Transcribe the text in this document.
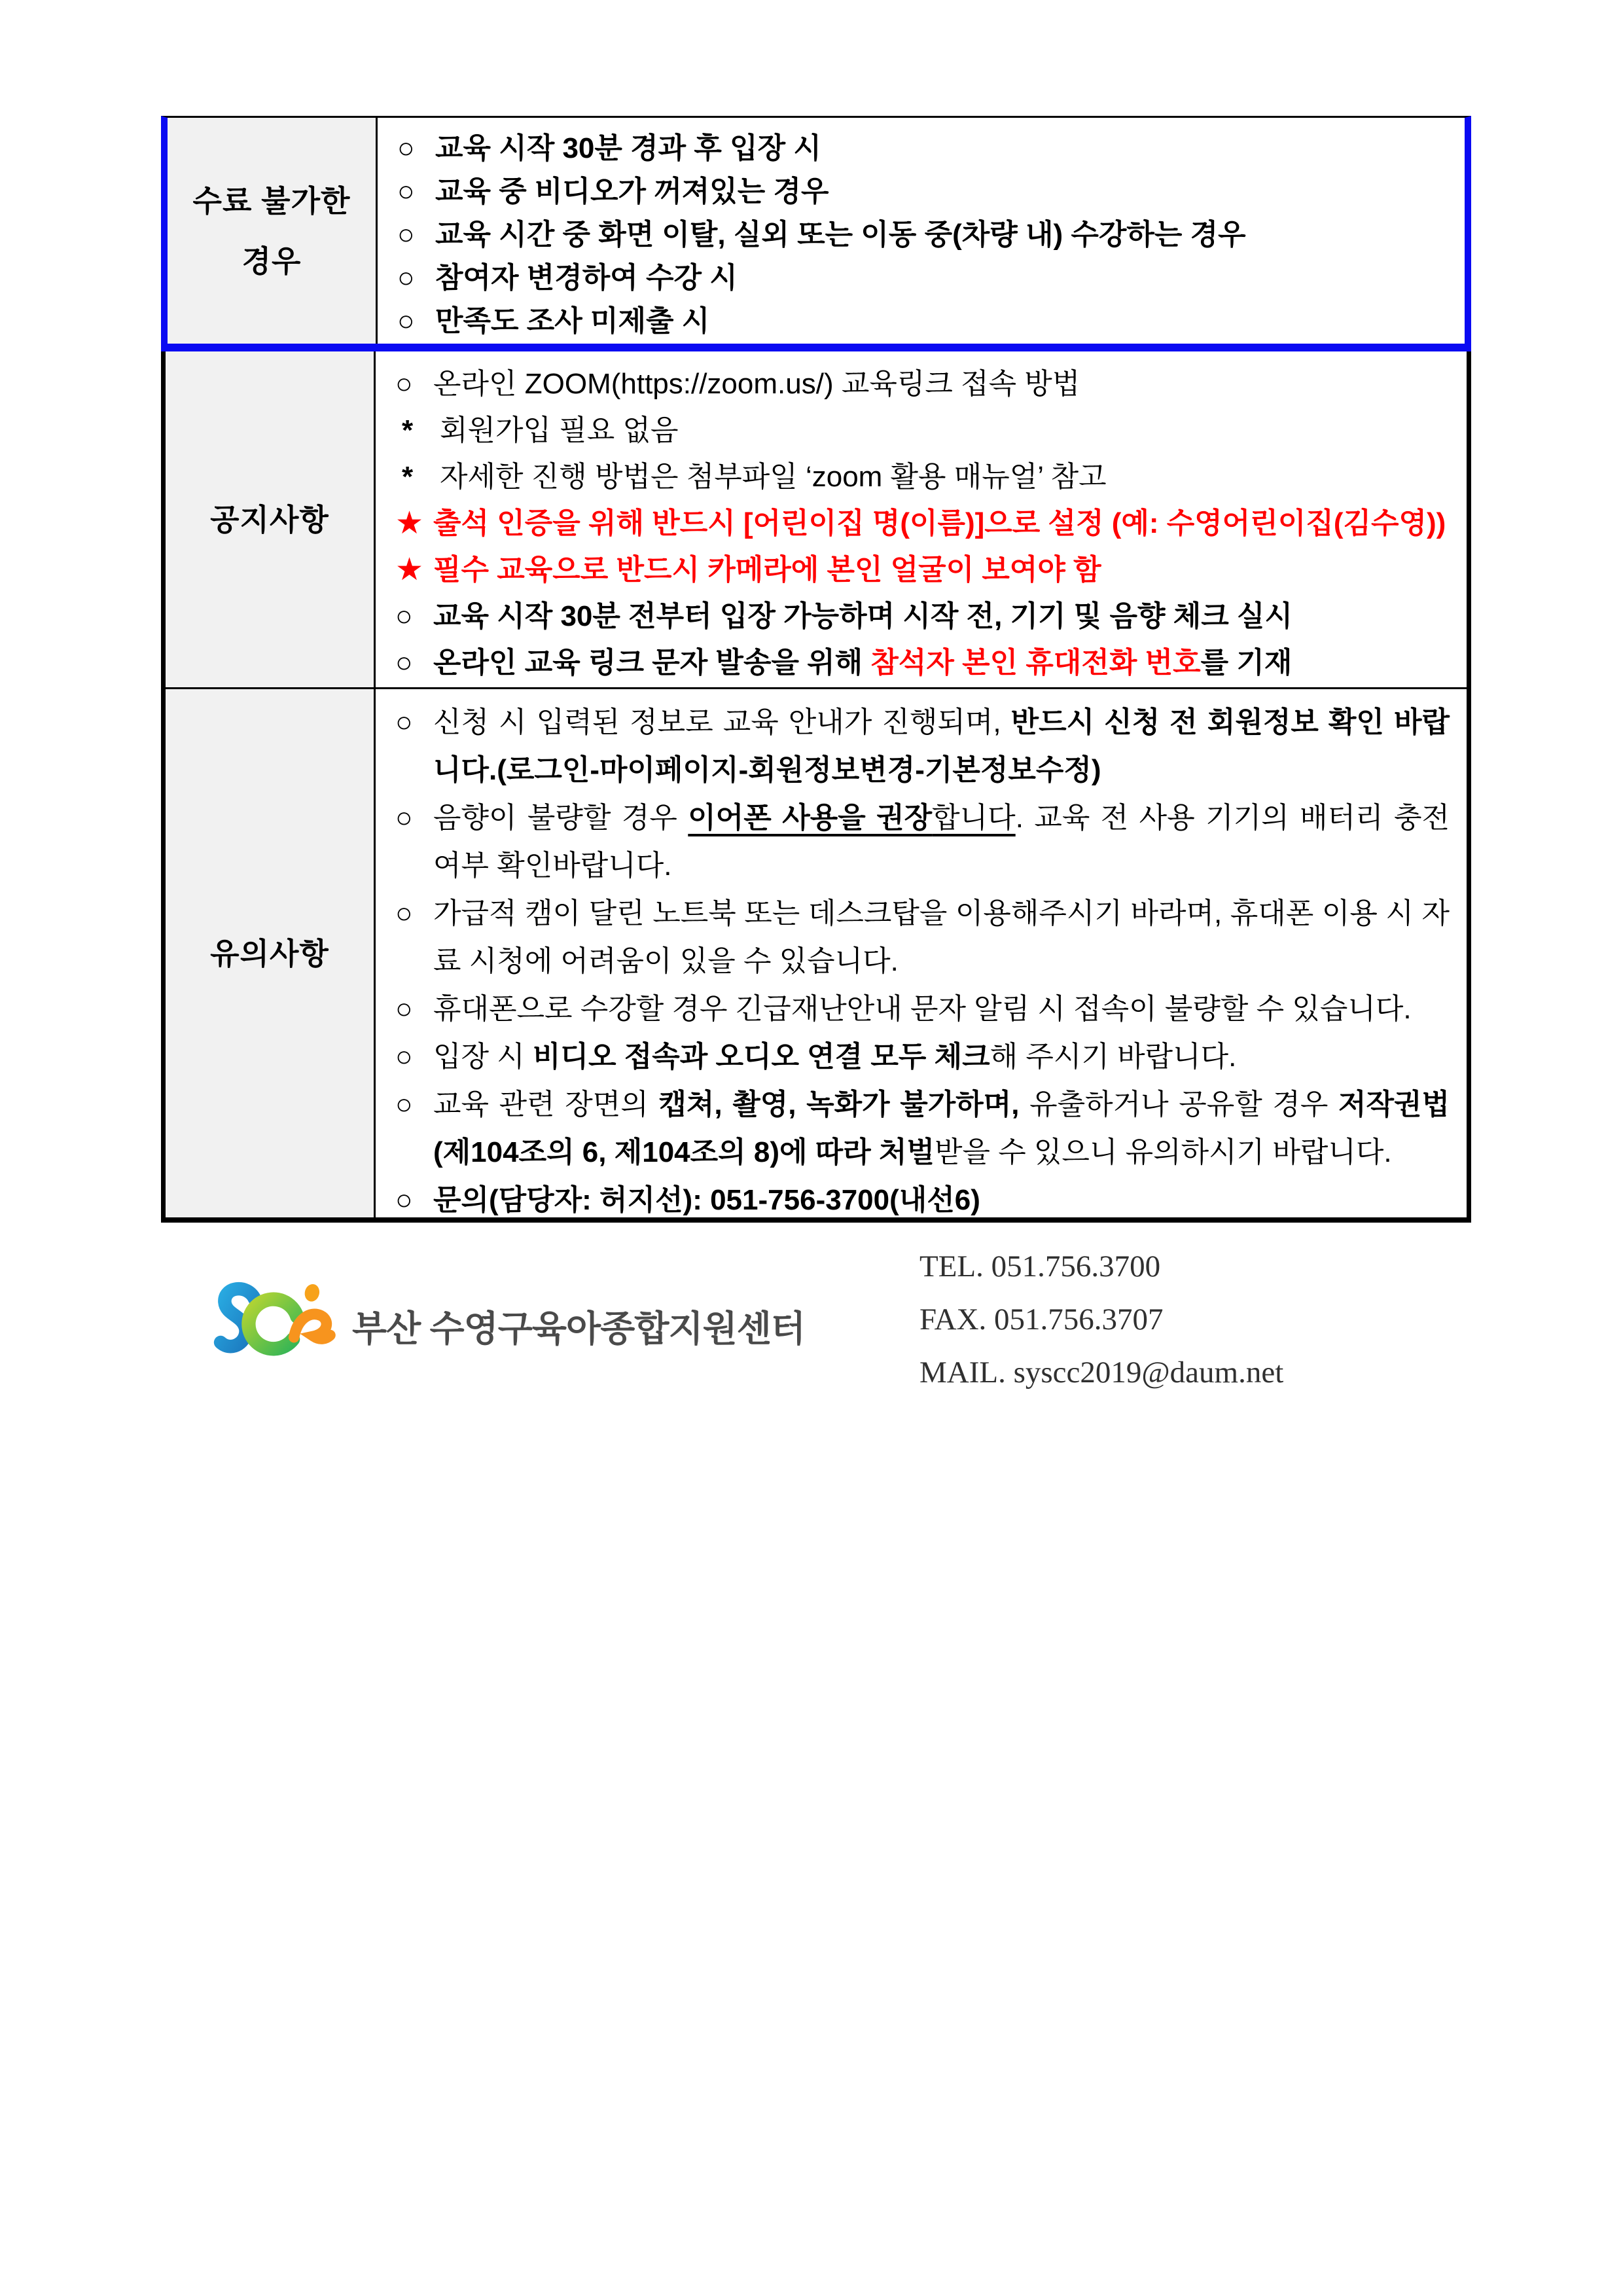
수료 불가한
경우
○ 교육 시작 30분 경과 후 입장 시
○ 교육 중 비디오가 꺼져있는 경우
○ 교육 시간 중 화면 이탈, 실외 또는 이동 중(차량 내) 수강하는 경우
○ 참여자 변경하여 수강 시
○ 만족도 조사 미제출 시
공지사항
○ 온라인 ZOOM(https://zoom.us/) 교육링크 접속 방법
* 회원가입 필요 없음
* 자세한 진행 방법은 첨부파일 ‘zoom 활용 매뉴얼’ 참고
★ 출석 인증을 위해 반드시 [어린이집 명(이름)]으로 설정 (예: 수영어린이집(김수영))
★ 필수 교육으로 반드시 카메라에 본인 얼굴이 보여야 함
○ 교육 시작 30분 전부터 입장 가능하며 시작 전, 기기 및 음향 체크 실시
○ 온라인 교육 링크 문자 발송을 위해 참석자 본인 휴대전화 번호를 기재
유의사항
○ 신청 시 입력된 정보로 교육 안내가 진행되며, 반드시 신청 전 회원정보 확인 바랍니다.(로그인-마이페이지-회원정보변경-기본정보수정)
○ 음향이 불량할 경우 이어폰 사용을 권장합니다. 교육 전 사용 기기의 배터리 충전 여부 확인바랍니다.
○ 가급적 캠이 달린 노트북 또는 데스크탑을 이용해주시기 바라며, 휴대폰 이용 시 자료 시청에 어려움이 있을 수 있습니다.
○ 휴대폰으로 수강할 경우 긴급재난안내 문자 알림 시 접속이 불량할 수 있습니다.
○ 입장 시 비디오 접속과 오디오 연결 모두 체크해 주시기 바랍니다.
○ 교육 관련 장면의 캡쳐, 촬영, 녹화가 불가하며, 유출하거나 공유할 경우 저작권법 (제104조의 6, 제104조의 8)에 따라 처벌받을 수 있으니 유의하시기 바랍니다.
○ 문의(담당자: 허지선): 051-756-3700(내선6)
부산 수영구육아종합지원센터
TEL. 051.756.3700
FAX. 051.756.3707
MAIL. syscc2019@daum.net
